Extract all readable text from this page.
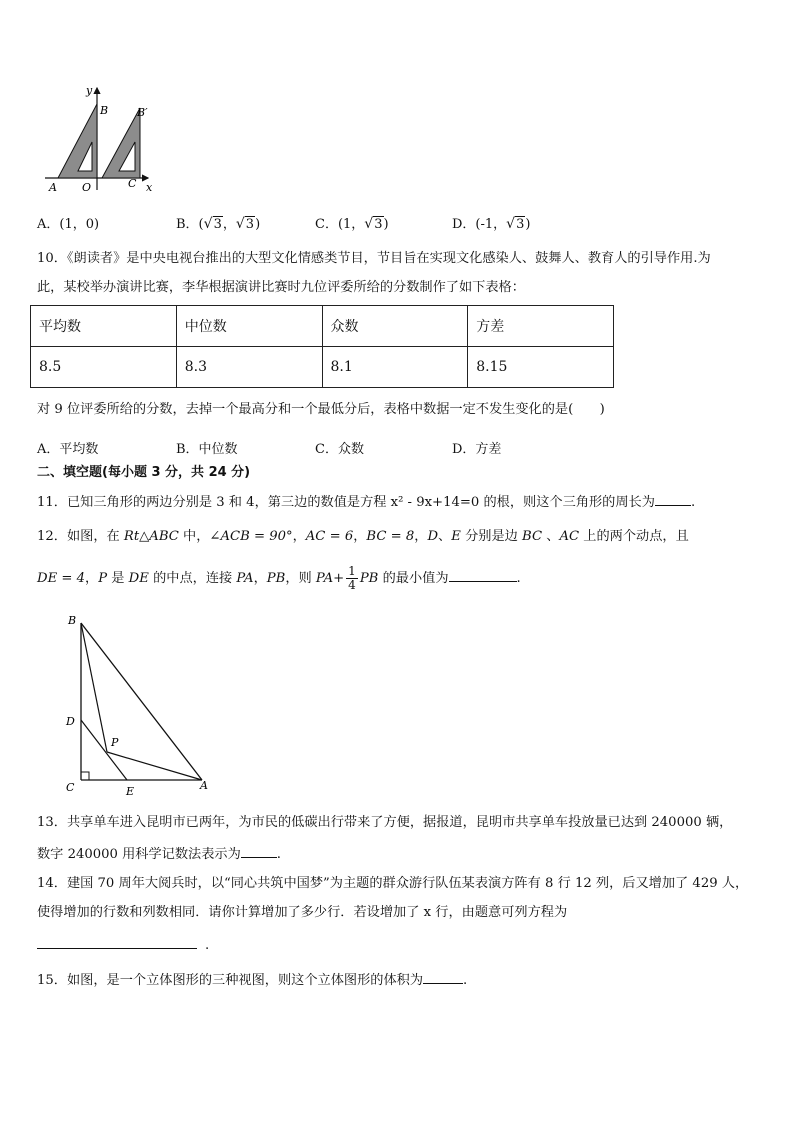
y
B	B′
A O	C x
A．(1，0)	B．(√3，√3)	C．(1，√3)	D．(-1，√3)
10．《朗读者》是中央电视台推出的大型文化情感类节目，节目旨在实现文化感染人、鼓舞人、教育人的引导作用.为
此，某校举办演讲比赛，李华根据演讲比赛时九位评委所给的分数制作了如下表格：
平均数	中位数	众数	方差
8.5	8.3	8.1	8.15
对 9 位评委所给的分数，去掉一个最高分和一个最低分后，表格中数据一定不发生变化的是(　　)
A．平均数	B．中位数	C．众数	D．方差
二、填空题(每小题 3 分，共 24 分)
11．已知三角形的两边分别是 3 和 4，第三边的数值是方程 x² - 9x+14=0 的根，则这个三角形的周长为	.
12．如图，在 Rt△ABC 中，∠ACB = 90°，AC = 6，BC = 8，D、E 分别是边 BC 、AC 上的两个动点，且
DE = 4，P 是 DE 的中点，连接 PA，PB，则 $PA+ \frac{1}{4}$ PB 的最小值为	.
B
D
P
C	E	A
13．共享单车进入昆明市已两年，为市民的低碳出行带来了方便，据报道，昆明市共享单车投放量已达到 240000 辆，
数字 240000 用科学记数法表示为	.
14．建国 70 周年大阅兵时，以“同心共筑中国梦”为主题的群众游行队伍某表演方阵有 8 行 12 列，后又增加了 429 人，
使得增加的行数和列数相同．请你计算增加了多少行．若设增加了 x 行，由题意可列方程为
.
15．如图，是一个立体图形的三种视图，则这个立体图形的体积为	.
